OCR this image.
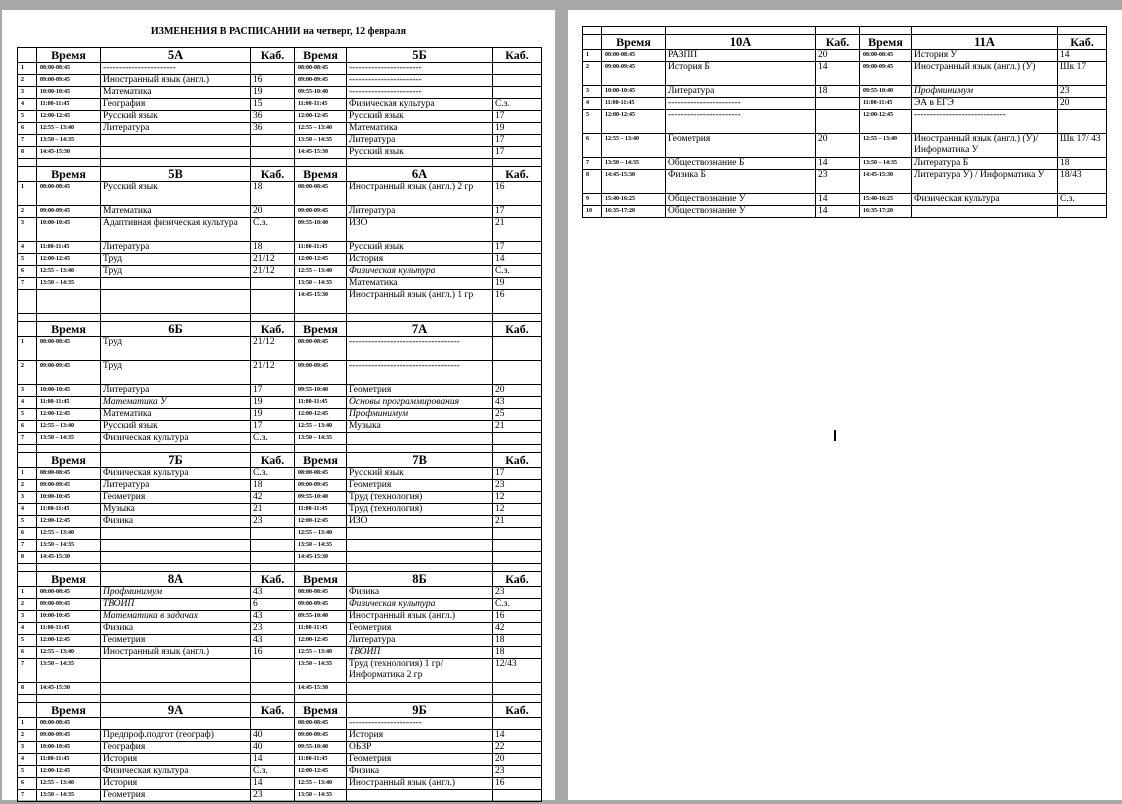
ИЗМЕНЕНИЯ В РАСПИСАНИИ на четверг, 12 февраля
	Время	5А	Каб.	Время	5Б	Каб.
1	08:00-08:45	-----------------------		08:00-08:45	-----------------------	
2	09:00-09:45	Иностранный язык (англ.)	16	09:00-09:45	-----------------------	
3	10:00-10:45	Математика	19	09:55-10:40	-----------------------	
4	11:00-11:45	География	15	11:00-11:45	Физическая культура	С.з.
5	12:00-12:45	Русский язык	36	12:00-12:45	Русский язык	17
6	12:55 – 13:40	Литература	36	12:55 – 13:40	Математика	19
7	13:50 – 14:35			13:50 – 14:35	Литература	17
8	14:45-15:30			14:45-15:30	Русский язык	17

	Время	5В	Каб.	Время	6А	Каб.
1	08:00-08:45	Русский язык	18	08:00-08:45	Иностранный язык (англ.) 2 гр	16
2	09:00-09:45	Математика	20	09:00-09:45	Литература	17
3	10:00-10:45	Адаптивная физическая культура	С.з.	09:55-10:40	ИЗО	21
4	11:00-11:45	Литература	18	11:00-11:45	Русский язык	17
5	12:00-12:45	Труд	21/12	12:00-12:45	История	14
6	12:55 – 13:40	Труд	21/12	12:55 – 13:40	Физическая культура	С.з.
7	13:50 – 14:35			13:50 – 14:35	Математика	19
				14:45-15:30	Иностранный язык (англ.) 1 гр	16

	Время	6Б	Каб.	Время	7А	Каб.
1	08:00-08:45	Труд	21/12	08:00-08:45	-----------------------------------	
2	09:00-09:45	Труд	21/12	09:00-09:45	-----------------------------------	
3	10:00-10:45	Литература	17	09:55-10:40	Геометрия	20
4	11:00-11:45	Математика У	19	11:00-11:45	Основы программирования	43
5	12:00-12:45	Математика	19	12:00-12:45	Профминимум	25
6	12:55 – 13:40	Русский язык	17	12:55 – 13:40	Музыка	21
7	13:50 – 14:35	Физическая культура	С.з.	13:50 – 14:35		

	Время	7Б	Каб.	Время	7В	Каб.
1	08:00-08:45	Физическая культура	С.з.	08:00-08:45	Русский язык	17
2	09:00-09:45	Литература	18	09:00-09:45	Геометрия	23
3	10:00-10:45	Геометрия	42	09:55-10:40	Труд (технология)	12
4	11:00-11:45	Музыка	21	11:00-11:45	Труд (технология)	12
5	12:00-12:45	Физика	23	12:00-12:45	ИЗО	21
6	12:55 – 13:40			12:55 – 13:40		
7	13:50 – 14:35			13:50 – 14:35		
8	14:45-15:30			14:45-15:30		

	Время	8А	Каб.	Время	8Б	Каб.
1	08:00-08:45	Профминимум	43	08:00-08:45	Физика	23
2	09:00-09:45	ТВОИП	6	09:00-09:45	Физическая культура	С.з.
3	10:00-10:45	Математика в задачах	43	09:55-10:40	Иностранный язык (англ.)	16
4	11:00-11:45	Физика	23	11:00-11:45	Геометрия	42
5	12:00-12:45	Геометрия	43	12:00-12:45	Литература	18
6	12:55 – 13:40	Иностранный язык (англ.)	16	12:55 – 13:40	ТВОИП	18
7	13:50 – 14:35			13:50 – 14:35	Труд (технология) 1 гр/ Информатика 2 гр	12/43
8	14:45-15:30			14:45-15:30		

	Время	9А	Каб.	Время	9Б	Каб.
1	08:00-08:45			08:00-08:45	-----------------------	
2	09:00-09:45	Предпроф.подгот (географ)	40	09:00-09:45	История	14
3	10:00-10:45	География	40	09:55-10:40	ОБЗР	22
4	11:00-11:45	История	14	11:00-11:45	Геометрия	20
5	12:00-12:45	Физическая культура	С.з.	12:00-12:45	Физика	23
6	12:55 – 13:40	История	14	12:55 – 13:40	Иностранный язык (англ.)	16
7	13:50 – 14:35	Геометрия	23	13:50 – 14:35		

	Время	10А	Каб.	Время	11А	Каб.
1	08:00-08:45	РАЗПП	20	08:00-08:45	История У	14
2	09:00-09:45	История Б	14	09:00-09:45	Иностранный язык (англ.) (У)	Шк 17
3	10:00-10:45	Литература	18	09:55-10:40	Профминимум	23
4	11:00-11:45	-----------------------		11:00-11:45	ЭА в ЕГЭ	20
5	12:00-12:45	-----------------------		12:00-12:45	-----------------------------	
6	12:55 – 13:40	Геометрия	20	12:55 – 13:40	Иностранный язык (англ.) (У)/ Информатика У	Шк 17/ 43
7	13:50 – 14:35	Обществознание Б	14	13:50 – 14:35	Литература Б	18
8	14:45-15:30	Физика Б	23	14:45-15:30	Литература У) / Информатика У	18/43
9	15:40-16:25	Обществознание У	14	15:40-16:25	Физическая культура	С.з.
10	16:35-17:20	Обществознание У	14	16:35-17:20		
